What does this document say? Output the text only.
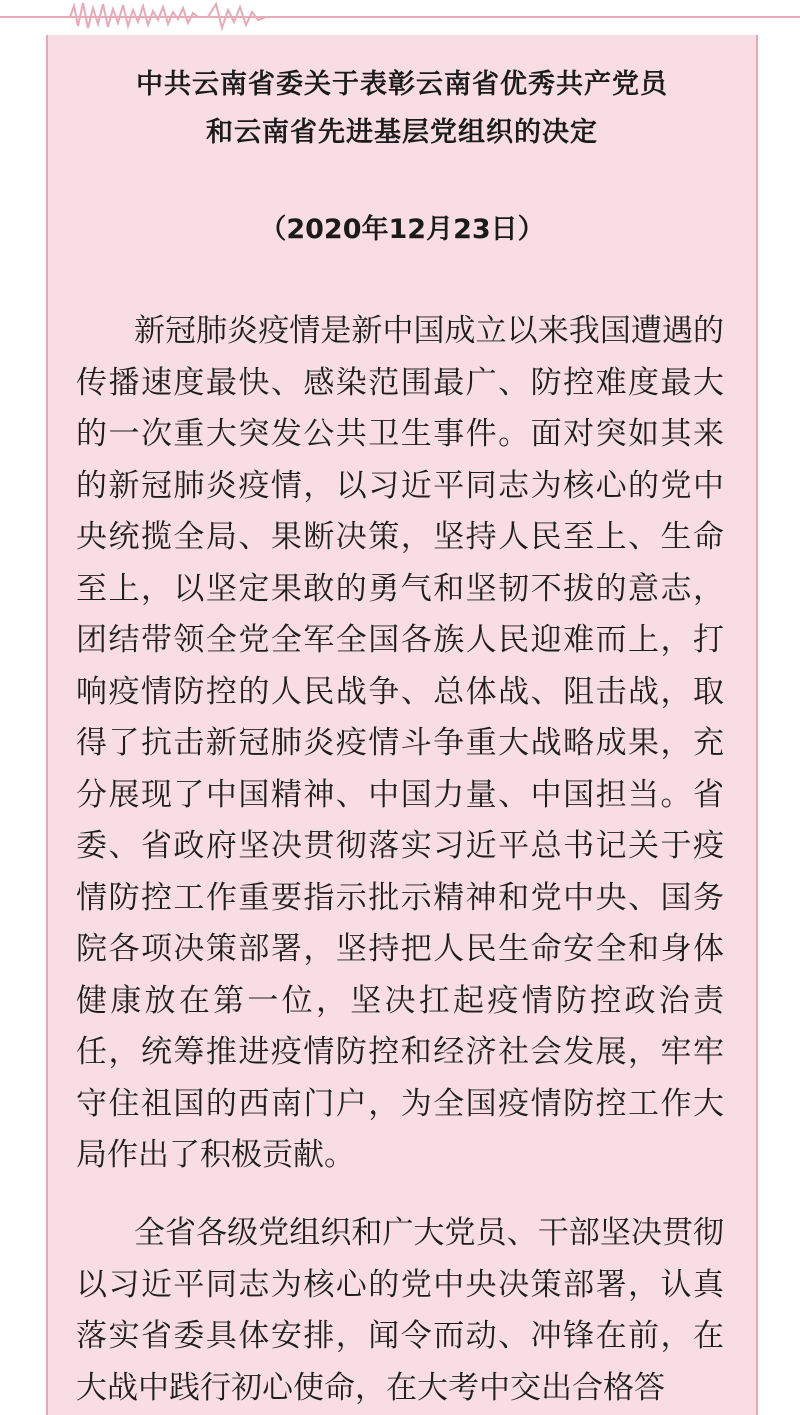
中共云南省委关于表彰云南省优秀共产党员
和云南省先进基层党组织的决定
（2020年12月23日）

新冠肺炎疫情是新中国成立以来我国遭遇的传播速度最快、感染范围最广、防控难度最大的一次重大突发公共卫生事件。面对突如其来的新冠肺炎疫情，以习近平同志为核心的党中央统揽全局、果断决策，坚持人民至上、生命至上，以坚定果敢的勇气和坚韧不拔的意志，团结带领全党全军全国各族人民迎难而上，打响疫情防控的人民战争、总体战、阻击战，取得了抗击新冠肺炎疫情斗争重大战略成果，充分展现了中国精神、中国力量、中国担当。省委、省政府坚决贯彻落实习近平总书记关于疫情防控工作重要指示批示精神和党中央、国务院各项决策部署，坚持把人民生命安全和身体健康放在第一位，坚决扛起疫情防控政治责任，统筹推进疫情防控和经济社会发展，牢牢守住祖国的西南门户，为全国疫情防控工作大局作出了积极贡献。

全省各级党组织和广大党员、干部坚决贯彻以习近平同志为核心的党中央决策部署，认真落实省委具体安排，闻令而动、冲锋在前，在大战中践行初心使命，在大考中交出合格答
